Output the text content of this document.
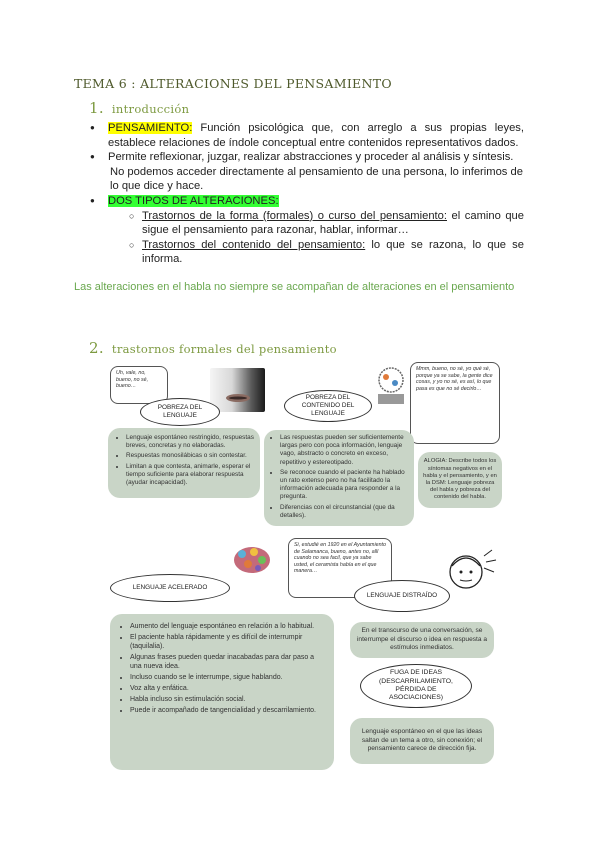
TEMA 6 : ALTERACIONES DEL PENSAMIENTO
1. introducción
● PENSAMIENTO: Función psicológica que, con arreglo a sus propias leyes, establece relaciones de índole conceptual entre contenidos representativos dados.
● Permite reflexionar, juzgar, realizar abstracciones y proceder al análisis y síntesis.
No podemos acceder directamente al pensamiento de una persona, lo inferimos de lo que dice y hace.
● DOS TIPOS DE ALTERACIONES:
○ Trastornos de la forma (formales) o curso del pensamiento: el camino que sigue el pensamiento para razonar, hablar, informar…
○ Trastornos del contenido del pensamiento: lo que se razona, lo que se informa.
Las alteraciones en el habla no siempre se acompañan de alteraciones en el pensamiento
2. trastornos formales del pensamiento
Uh, vale, no, bueno, no sé, bueno…
POBREZA DEL LENGUAJE
POBREZA DEL CONTENIDO DEL LENGUAJE
Mmm, bueno, no sé, yo qué sé, porque ya se sabe, la gente dice cosas, y yo no sé, es así, lo que pasa es que no sé decirlo…
• Lenguaje espontáneo restringido, respuestas breves, concretas y no elaboradas.
• Respuestas monosilábicas o sin contestar.
• Limitan a que contesta, animarle, esperar el tiempo suficiente para elaborar respuesta (ayudar incapacidad).
• Las respuestas pueden ser suficientemente largas pero con poca información, lenguaje vago, abstracto o concreto en exceso, repetitivo y estereotipado.
• Se reconoce cuando el paciente ha hablado un rato extenso pero no ha facilitado la información adecuada para responder a la pregunta.
• Diferencias con el circunstancial (que da detalles).
ALOGIA: Describe todos los síntomas negativos en el habla y el pensamiento, y en la DSM: Lenguaje pobreza del habla y pobreza del contenido del habla.
Si, estudié en 1920 en el Ayuntamiento de Salamanca, bueno, antes no, allí cuando no sea facil, que ya sabe usted, el ceramista había en el que manera…
LENGUAJE ACELERADO
LENGUAJE DISTRAÍDO
• Aumento del lenguaje espontáneo en relación a lo habitual.
• El paciente habla rápidamente y es difícil de interrumpir (taquilalia).
• Algunas frases pueden quedar inacabadas para dar paso a una nueva idea.
• Incluso cuando se le interrumpe, sigue hablando.
• Voz alta y enfática.
• Habla incluso sin estimulación social.
• Puede ir acompañado de tangencialidad y descarrilamiento.
En el transcurso de una conversación, se interrumpe el discurso o idea en respuesta a estímulos inmediatos.
FUGA DE IDEAS (DESCARRILAMIENTO, PÉRDIDA DE ASOCIACIONES)
Lenguaje espontáneo en el que las ideas saltan de un tema a otro, sin conexión; el pensamiento carece de dirección fija.
